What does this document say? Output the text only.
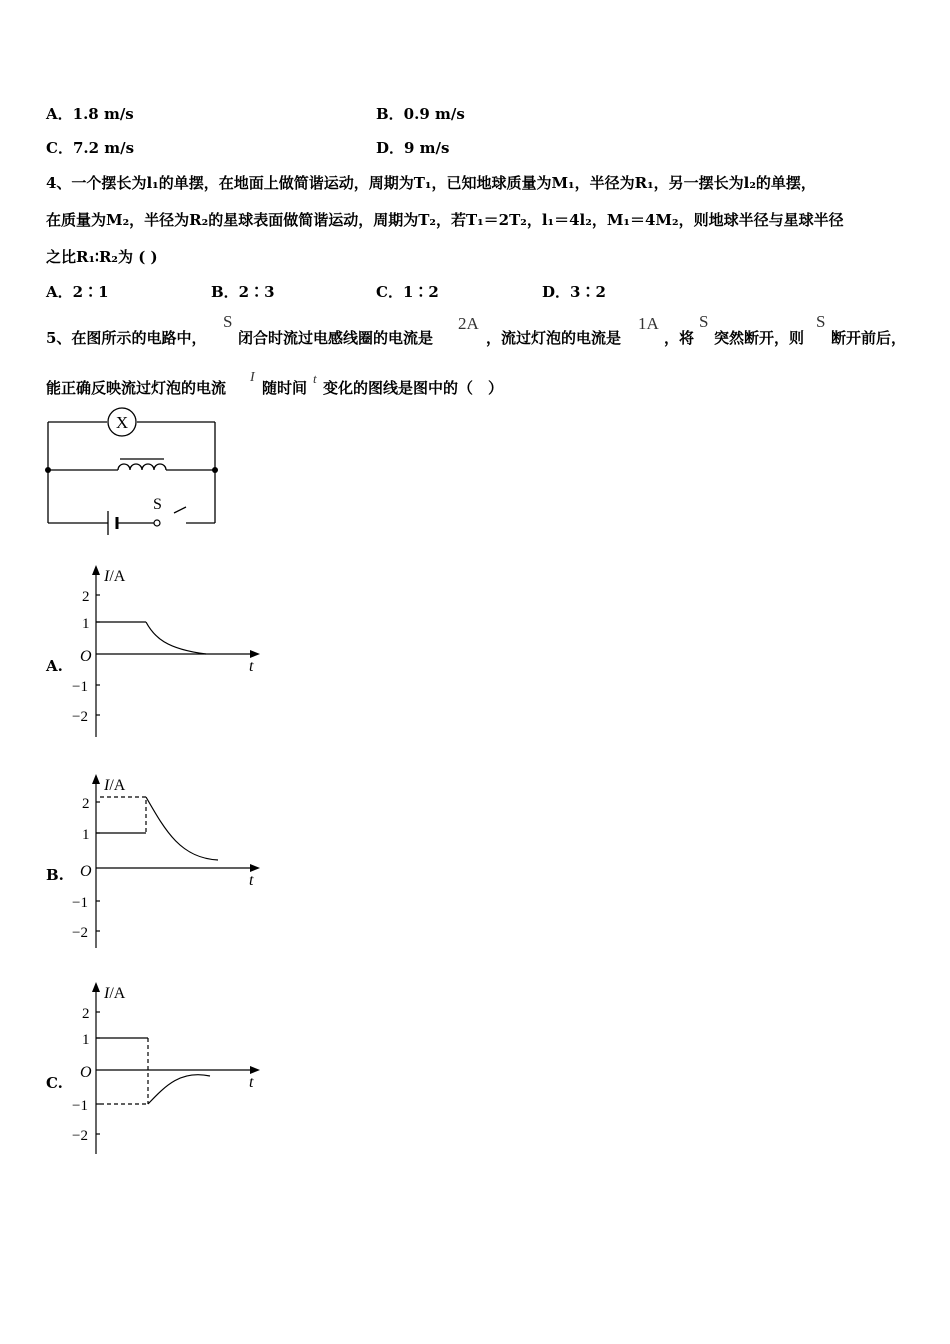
A．1.8 m/s	B．0.9 m/s
C．7.2 m/s	D．9 m/s
4、一个摆长为l₁的单摆，在地面上做简谐运动，周期为T₁，已知地球质量为M₁，半径为R₁，另一摆长为l₂的单摆，
在质量为M₂，半径为R₂的星球表面做简谐运动，周期为T₂，若T₁＝2T₂，l₁＝4l₂，M₁＝4M₂，则地球半径与星球半径
之比R₁∶R₂为 ( )
A．2∶1	B．2∶3	C．1∶2	D．3∶2
5、在图所示的电路中，
S
闭合时流过电感线圈的电流是
2A
，流过灯泡的电流是
1A
，将
S
突然断开，则
S
断开前后，
能正确反映流过灯泡的电流
I
随时间
t
变化的图线是图中的（　）
X
S
A.
I/A
t
O
2
1
−1
−2
B.
I/A
t
O
2
1
−1
−2
C.
I/A
t
O
2
1
−1
−2
